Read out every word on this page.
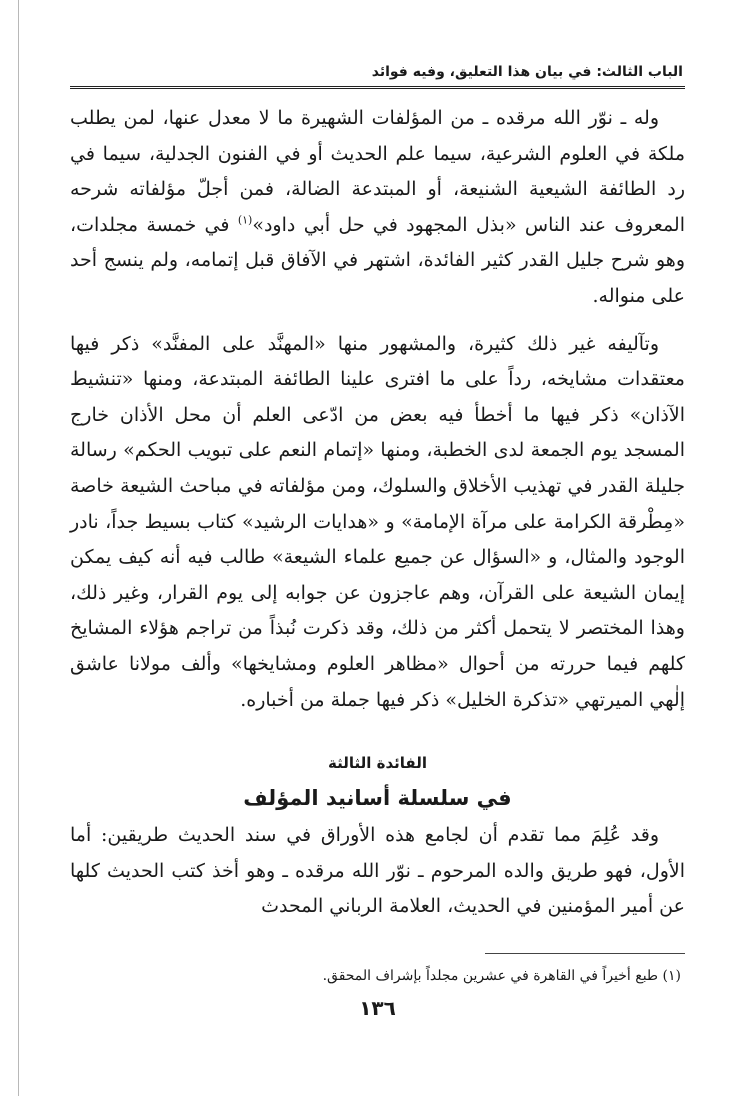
الباب الثالث: في بيان هذا التعليق، وفيه فوائد

وله ـ نوّر الله مرقده ـ من المؤلفات الشهيرة ما لا معدل عنها، لمن يطلب ملكة في العلوم الشرعية، سيما علم الحديث أو في الفنون الجدلية، سيما في رد الطائفة الشيعية الشنيعة، أو المبتدعة الضالة، فمن أجلّ مؤلفاته شرحه المعروف عند الناس «بذل المجهود في حل أبي داود»$^{(١)}$ في خمسة مجلدات، وهو شرح جليل القدر كثير الفائدة، اشتهر في الآفاق قبل إتمامه، ولم ينسج أحد على منواله.

وتآليفه غير ذلك كثيرة، والمشهور منها «المهنَّد على المفنَّد» ذكر فيها معتقدات مشايخه، رداً على ما افترى علينا الطائفة المبتدعة، ومنها «تنشيط الآذان» ذكر فيها ما أخطأ فيه بعض من ادّعى العلم أن محل الأذان خارج المسجد يوم الجمعة لدى الخطبة، ومنها «إتمام النعم على تبويب الحكم» رسالة جليلة القدر في تهذيب الأخلاق والسلوك، ومن مؤلفاته في مباحث الشيعة خاصة «مِطْرقة الكرامة على مرآة الإمامة» و «هدايات الرشيد» كتاب بسيط جداً، نادر الوجود والمثال، و «السؤال عن جميع علماء الشيعة» طالب فيه أنه كيف يمكن إيمان الشيعة على القرآن، وهم عاجزون عن جوابه إلى يوم القرار، وغير ذلك، وهذا المختصر لا يتحمل أكثر من ذلك، وقد ذكرت نُبذاً من تراجم هؤلاء المشايخ كلهم فيما حررته من أحوال «مظاهر العلوم ومشايخها» وألف مولانا عاشق إلٰهي الميرتهي «تذكرة الخليل» ذكر فيها جملة من أخباره.

الفائدة الثالثة
في سلسلة أسانيد المؤلف

وقد عُلِمَ مما تقدم أن لجامع هذه الأوراق في سند الحديث طريقين: أما الأول، فهو طريق والده المرحوم ـ نوّر الله مرقده ـ وهو أخذ كتب الحديث كلها عن أمير المؤمنين في الحديث، العلامة الرباني المحدث

(١) طبع أخيراً في القاهرة في عشرين مجلداً بإشراف المحقق.
١٣٦
